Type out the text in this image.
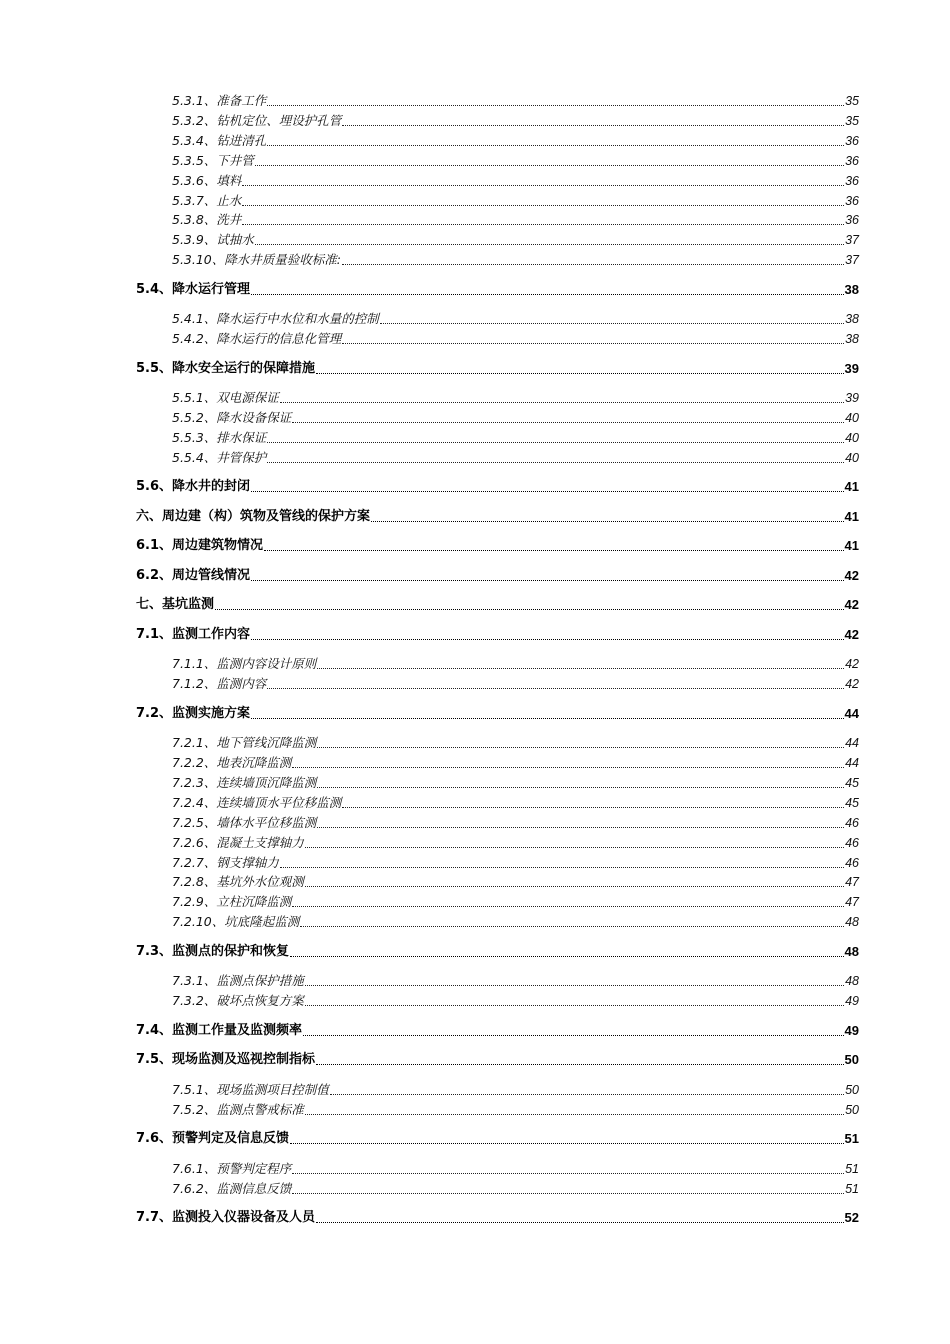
5.3.1、准备工作	35
5.3.2、钻机定位、埋设护孔管	35
5.3.4、钻进清孔	36
5.3.5、下井管	36
5.3.6、填料	36
5.3.7、止水	36
5.3.8、洗井	36
5.3.9、试抽水	37
5.3.10、降水井质量验收标准:	37
5.4、降水运行管理	38
5.4.1、降水运行中水位和水量的控制	38
5.4.2、降水运行的信息化管理	38
5.5、降水安全运行的保障措施	39
5.5.1、双电源保证	39
5.5.2、降水设备保证	40
5.5.3、排水保证	40
5.5.4、井管保护	40
5.6、降水井的封闭	41
六、周边建（构）筑物及管线的保护方案	41
6.1、周边建筑物情况	41
6.2、周边管线情况	42
七、基坑监测	42
7.1、监测工作内容	42
7.1.1、监测内容设计原则	42
7.1.2、监测内容	42
7.2、监测实施方案	44
7.2.1、地下管线沉降监测	44
7.2.2、地表沉降监测	44
7.2.3、连续墙顶沉降监测	45
7.2.4、连续墙顶水平位移监测	45
7.2.5、墙体水平位移监测	46
7.2.6、混凝土支撑轴力	46
7.2.7、钢支撑轴力	46
7.2.8、基坑外水位观测	47
7.2.9、立柱沉降监测	47
7.2.10、坑底隆起监测	48
7.3、监测点的保护和恢复	48
7.3.1、监测点保护措施	48
7.3.2、破坏点恢复方案	49
7.4、监测工作量及监测频率	49
7.5、现场监测及巡视控制指标	50
7.5.1、现场监测项目控制值	50
7.5.2、监测点警戒标准	50
7.6、预警判定及信息反馈	51
7.6.1、预警判定程序	51
7.6.2、监测信息反馈	51
7.7、监测投入仪器设备及人员	52
